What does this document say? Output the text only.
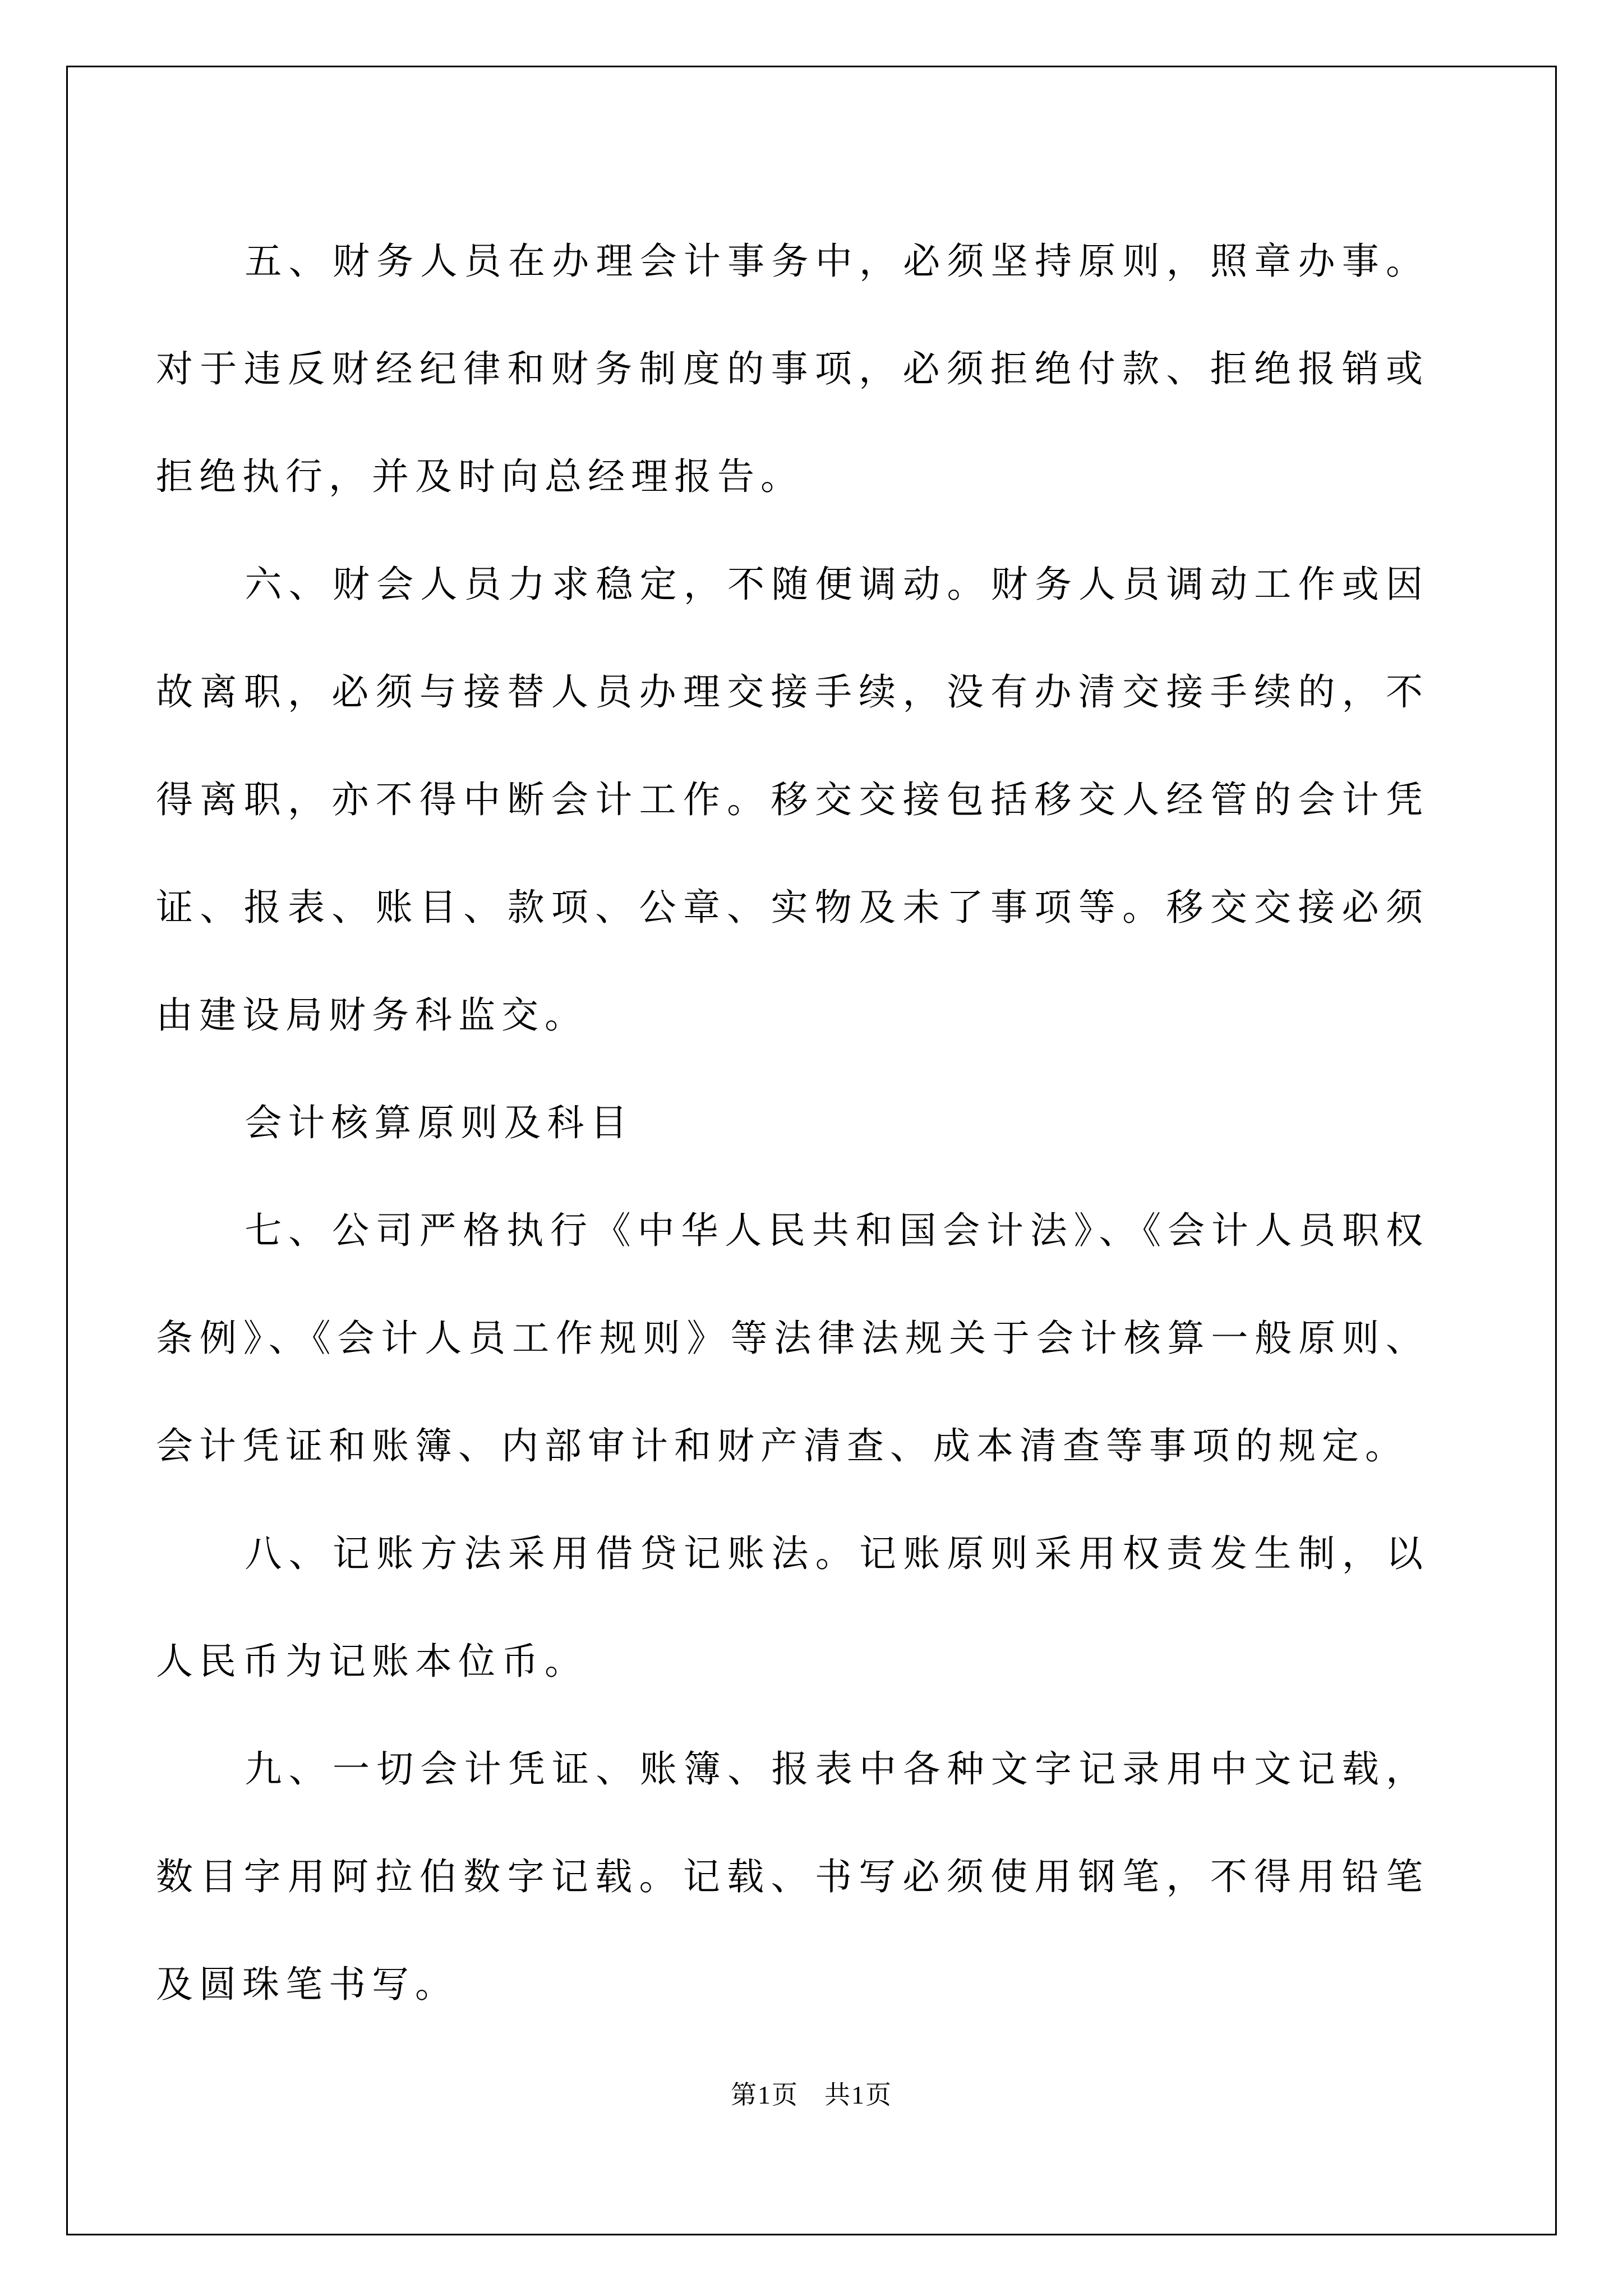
五、财务人员在办理会计事务中，必须坚持原则，照章办事。对于违反财经纪律和财务制度的事项，必须拒绝付款、拒绝报销或拒绝执行，并及时向总经理报告。

六、财会人员力求稳定，不随便调动。财务人员调动工作或因故离职，必须与接替人员办理交接手续，没有办清交接手续的，不得离职，亦不得中断会计工作。移交交接包括移交人经管的会计凭证、报表、账目、款项、公章、实物及未了事项等。移交交接必须由建设局财务科监交。

会计核算原则及科目

七、公司严格执行《中华人民共和国会计法》、《会计人员职权条例》、《会计人员工作规则》等法律法规关于会计核算一般原则、会计凭证和账簿、内部审计和财产清查、成本清查等事项的规定。

八、记账方法采用借贷记账法。记账原则采用权责发生制，以人民币为记账本位币。

九、一切会计凭证、账簿、报表中各种文字记录用中文记载，数目字用阿拉伯数字记载。记载、书写必须使用钢笔，不得用铅笔及圆珠笔书写。

第1页 共1页
